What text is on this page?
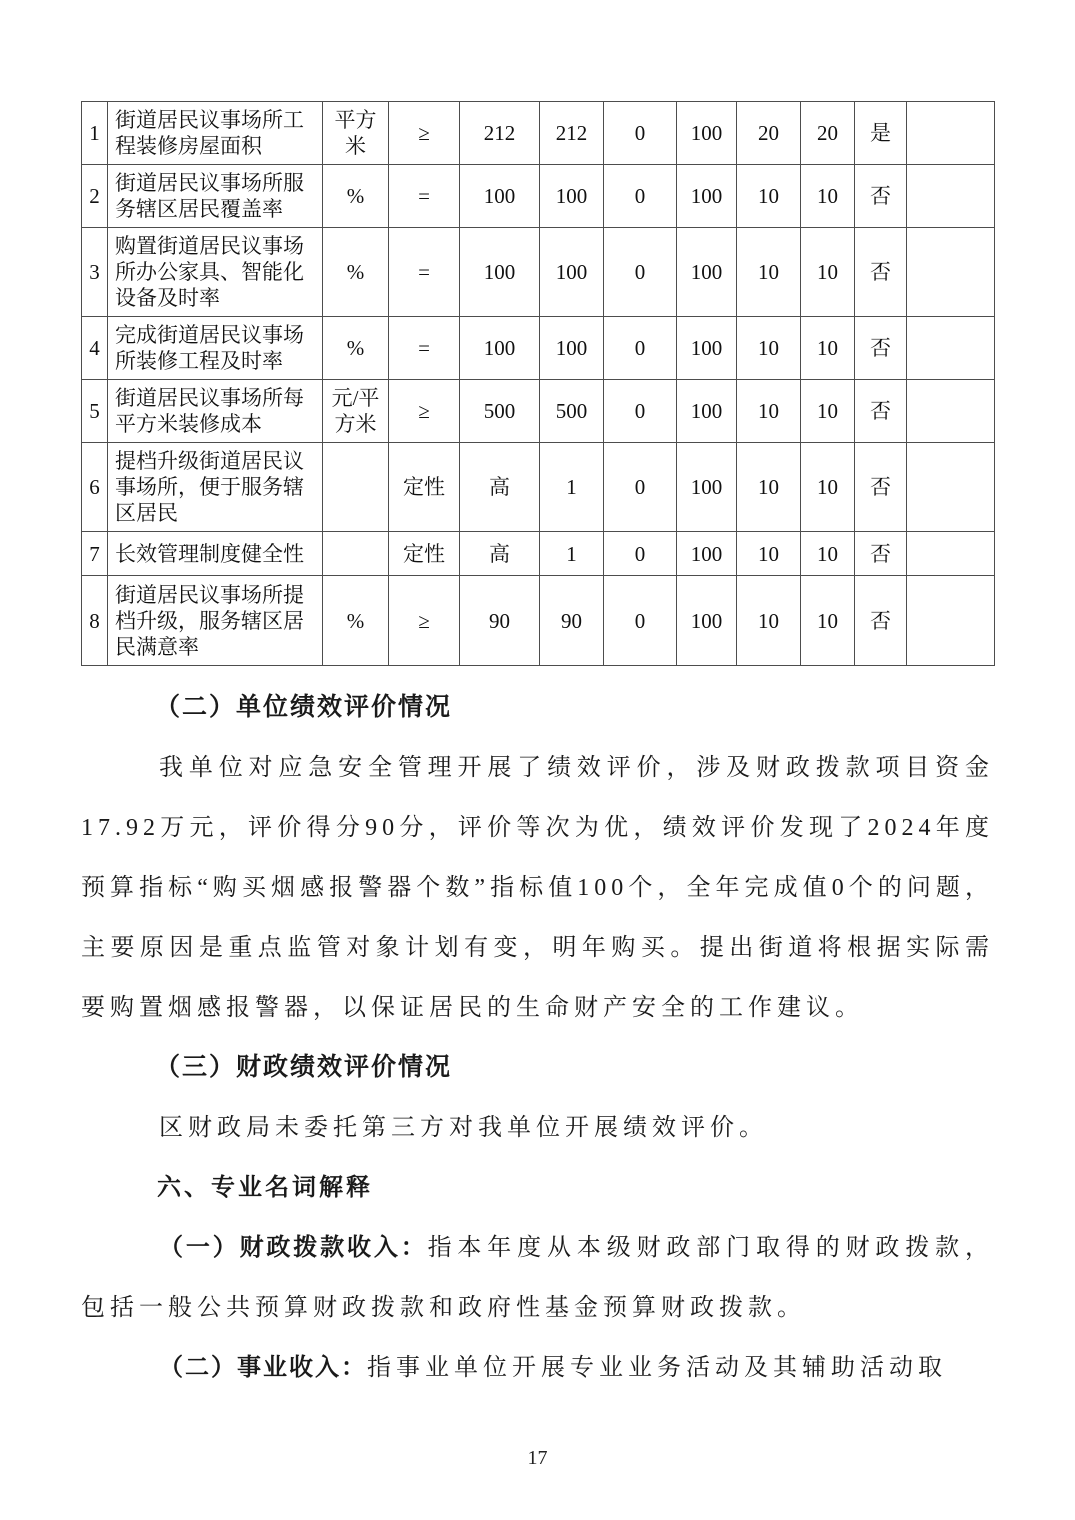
1	街道居民议事场所工程装修房屋面积	平方米	≥	212	212	0	100	20	20	是	
2	街道居民议事场所服务辖区居民覆盖率	%	=	100	100	0	100	10	10	否	
3	购置街道居民议事场所办公家具、智能化设备及时率	%	=	100	100	0	100	10	10	否	
4	完成街道居民议事场所装修工程及时率	%	=	100	100	0	100	10	10	否	
5	街道居民议事场所每平方米装修成本	元/平方米	≥	500	500	0	100	10	10	否	
6	提档升级街道居民议事场所，便于服务辖区居民		定性	高	1	0	100	10	10	否	
7	长效管理制度健全性		定性	高	1	0	100	10	10	否	
8	街道居民议事场所提档升级，服务辖区居民满意率	%	≥	90	90	0	100	10	10	否	
（二）单位绩效评价情况
我单位对应急安全管理开展了绩效评价，涉及财政拨款项目资金17.92万元，评价得分90分，评价等次为优，绩效评价发现了2024年度预算指标“购买烟感报警器个数”指标值100个，全年完成值0个的问题，主要原因是重点监管对象计划有变，明年购买。提出街道将根据实际需要购置烟感报警器，以保证居民的生命财产安全的工作建议。
（三）财政绩效评价情况
区财政局未委托第三方对我单位开展绩效评价。
六、专业名词解释
（一）财政拨款收入：指本年度从本级财政部门取得的财政拨款，包括一般公共预算财政拨款和政府性基金预算财政拨款。
（二）事业收入：指事业单位开展专业业务活动及其辅助活动取
17
